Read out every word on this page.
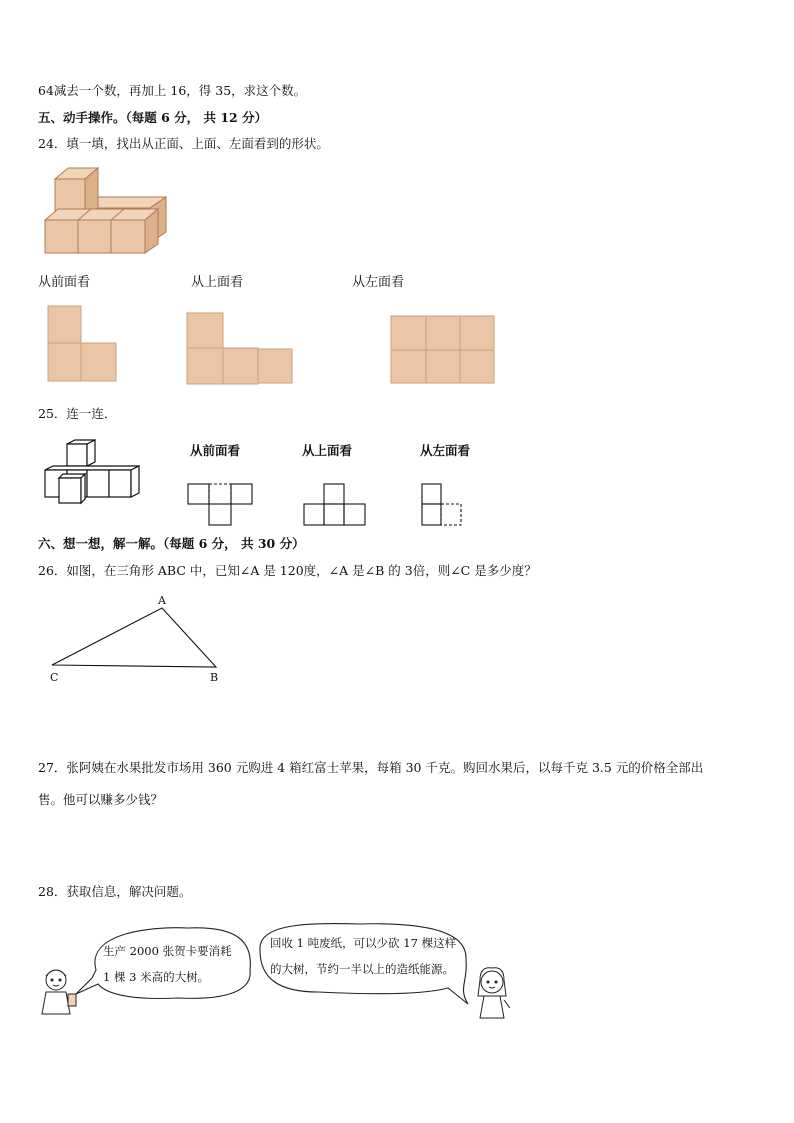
64减去一个数，再加上 16，得 35，求这个数。
五、动手操作。（每题 6 分， 共 12 分）
24．填一填，找出从正面、上面、左面看到的形状。
从前面看	从上面看	从左面看
25．连一连．
从前面看	从上面看	从左面看
六、想一想，解一解。（每题 6 分， 共 30 分）
26．如图，在三角形 ABC 中，已知∠A 是 120度，∠A 是∠B 的 3倍，则∠C 是多少度？
A
C	B
27．张阿姨在水果批发市场用 360 元购进 4 箱红富士苹果，每箱 30 千克。购回水果后，以每千克 3.5 元的价格全部出
售。他可以赚多少钱？
28．获取信息，解决问题。
生产 2000 张贺卡要消耗
1 棵 3 米高的大树。
回收 1 吨废纸，可以少砍 17 棵这样
的大树，节约一半以上的造纸能源。
